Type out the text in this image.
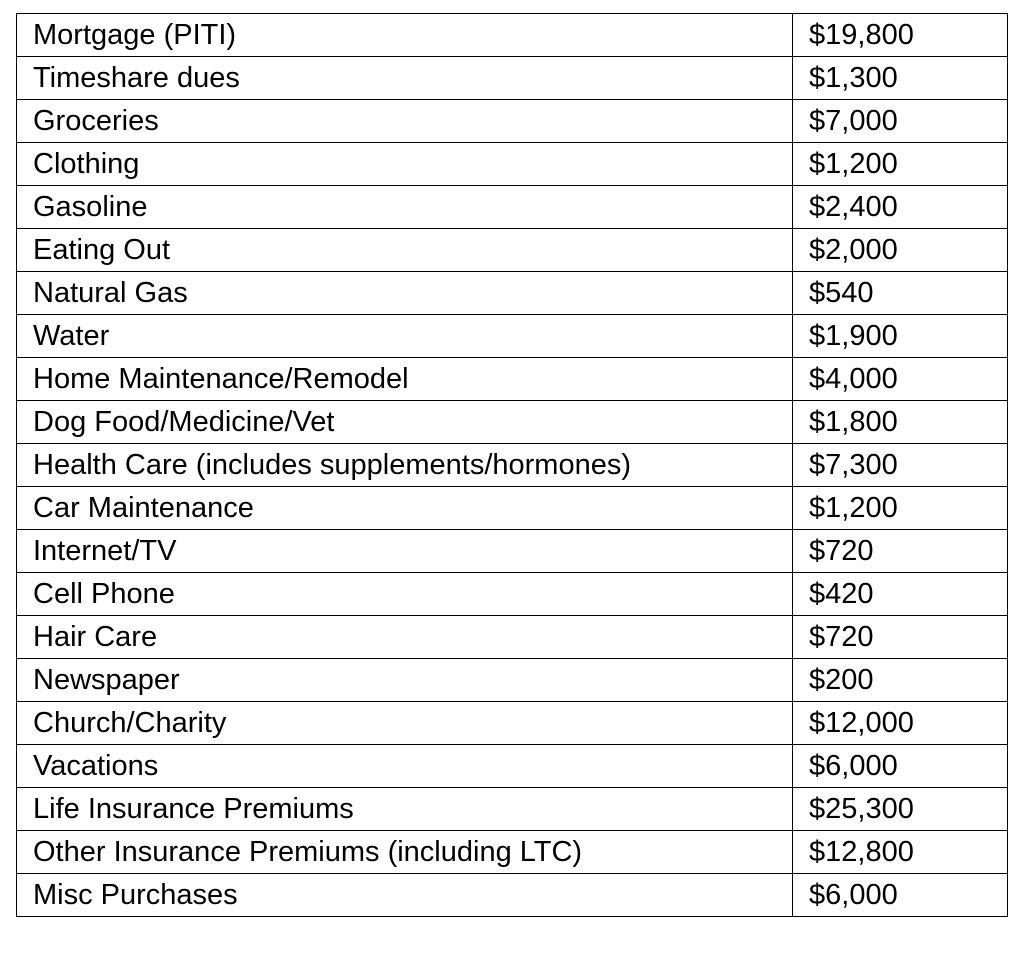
Mortgage (PITI)	$19,800
Timeshare dues	$1,300
Groceries	$7,000
Clothing	$1,200
Gasoline	$2,400
Eating Out	$2,000
Natural Gas	$540
Water	$1,900
Home Maintenance/Remodel	$4,000
Dog Food/Medicine/Vet	$1,800
Health Care (includes supplements/hormones)	$7,300
Car Maintenance	$1,200
Internet/TV	$720
Cell Phone	$420
Hair Care	$720
Newspaper	$200
Church/Charity	$12,000
Vacations	$6,000
Life Insurance Premiums	$25,300
Other Insurance Premiums (including LTC)	$12,800
Misc Purchases	$6,000
